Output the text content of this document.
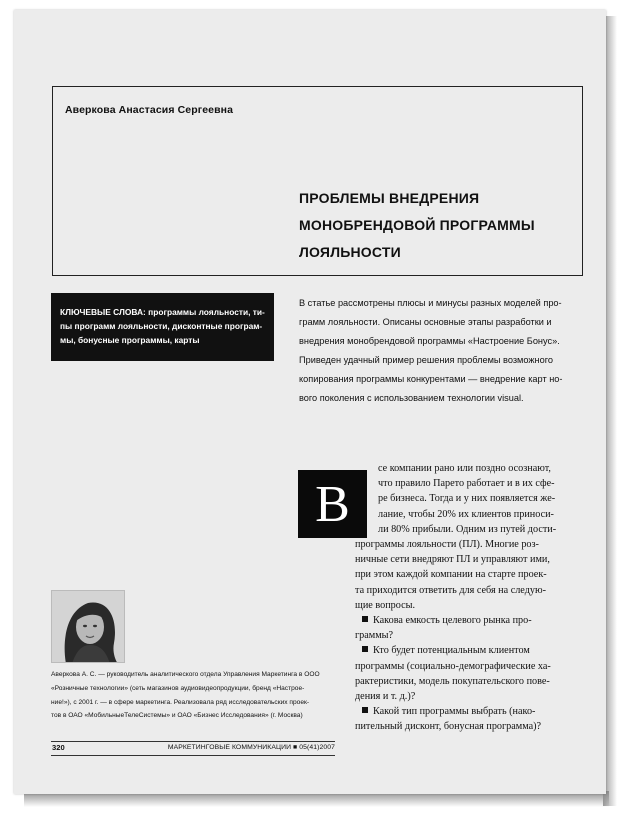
Аверкова Анастасия Сергеевна
ПРОБЛЕМЫ ВНЕДРЕНИЯ
МОНОБРЕНДОВОЙ ПРОГРАММЫ
ЛОЯЛЬНОСТИ
КЛЮЧЕВЫЕ СЛОВА: программы лояльности, ти-
пы программ лояльности, дисконтные програм-
мы, бонусные программы, карты
В статье рассмотрены плюсы и минусы разных моделей про-
грамм лояльности. Описаны основные этапы разработки и
внедрения монобрендовой программы «Настроение Бонус».
Приведен удачный пример решения проблемы возможного
копирования программы конкурентами — внедрение карт но-
вого поколения с использованием технологии visual.
В
се компании рано или поздно осознают,
что правило Парето работает и в их сфе-
ре бизнеса. Тогда и у них появляется же-
лание, чтобы 20% их клиентов приноси-
ли 80% прибыли. Одним из путей дости-
программы лояльности (ПЛ). Многие роз-
ничные сети внедряют ПЛ и управляют ими,
при этом каждой компании на старте проек-
та приходится ответить для себя на следую-
щие вопросы.
Какова емкость целевого рынка про-
граммы?
Кто будет потенциальным клиентом
программы (социально-демографические ха-
рактеристики, модель покупательского пове-
дения и т. д.)?
Какой тип программы выбрать (нако-
пительный дисконт, бонусная программа)?
Аверкова А. С. — руководитель аналитического отдела Управления Маркетинга в ООО
«Розничные технологии» (сеть магазинов аудиовидеопродукции, бренд «Настрое-
ние!»), с 2001 г. — в сфере маркетинга. Реализовала ряд исследовательских проек-
тов в ОАО «МобильныеТелеСистемы» и ОАО «Бизнес Исследования» (г. Москва)
320	МАРКЕТИНГОВЫЕ КОММУНИКАЦИИ ■ 05(41)2007
